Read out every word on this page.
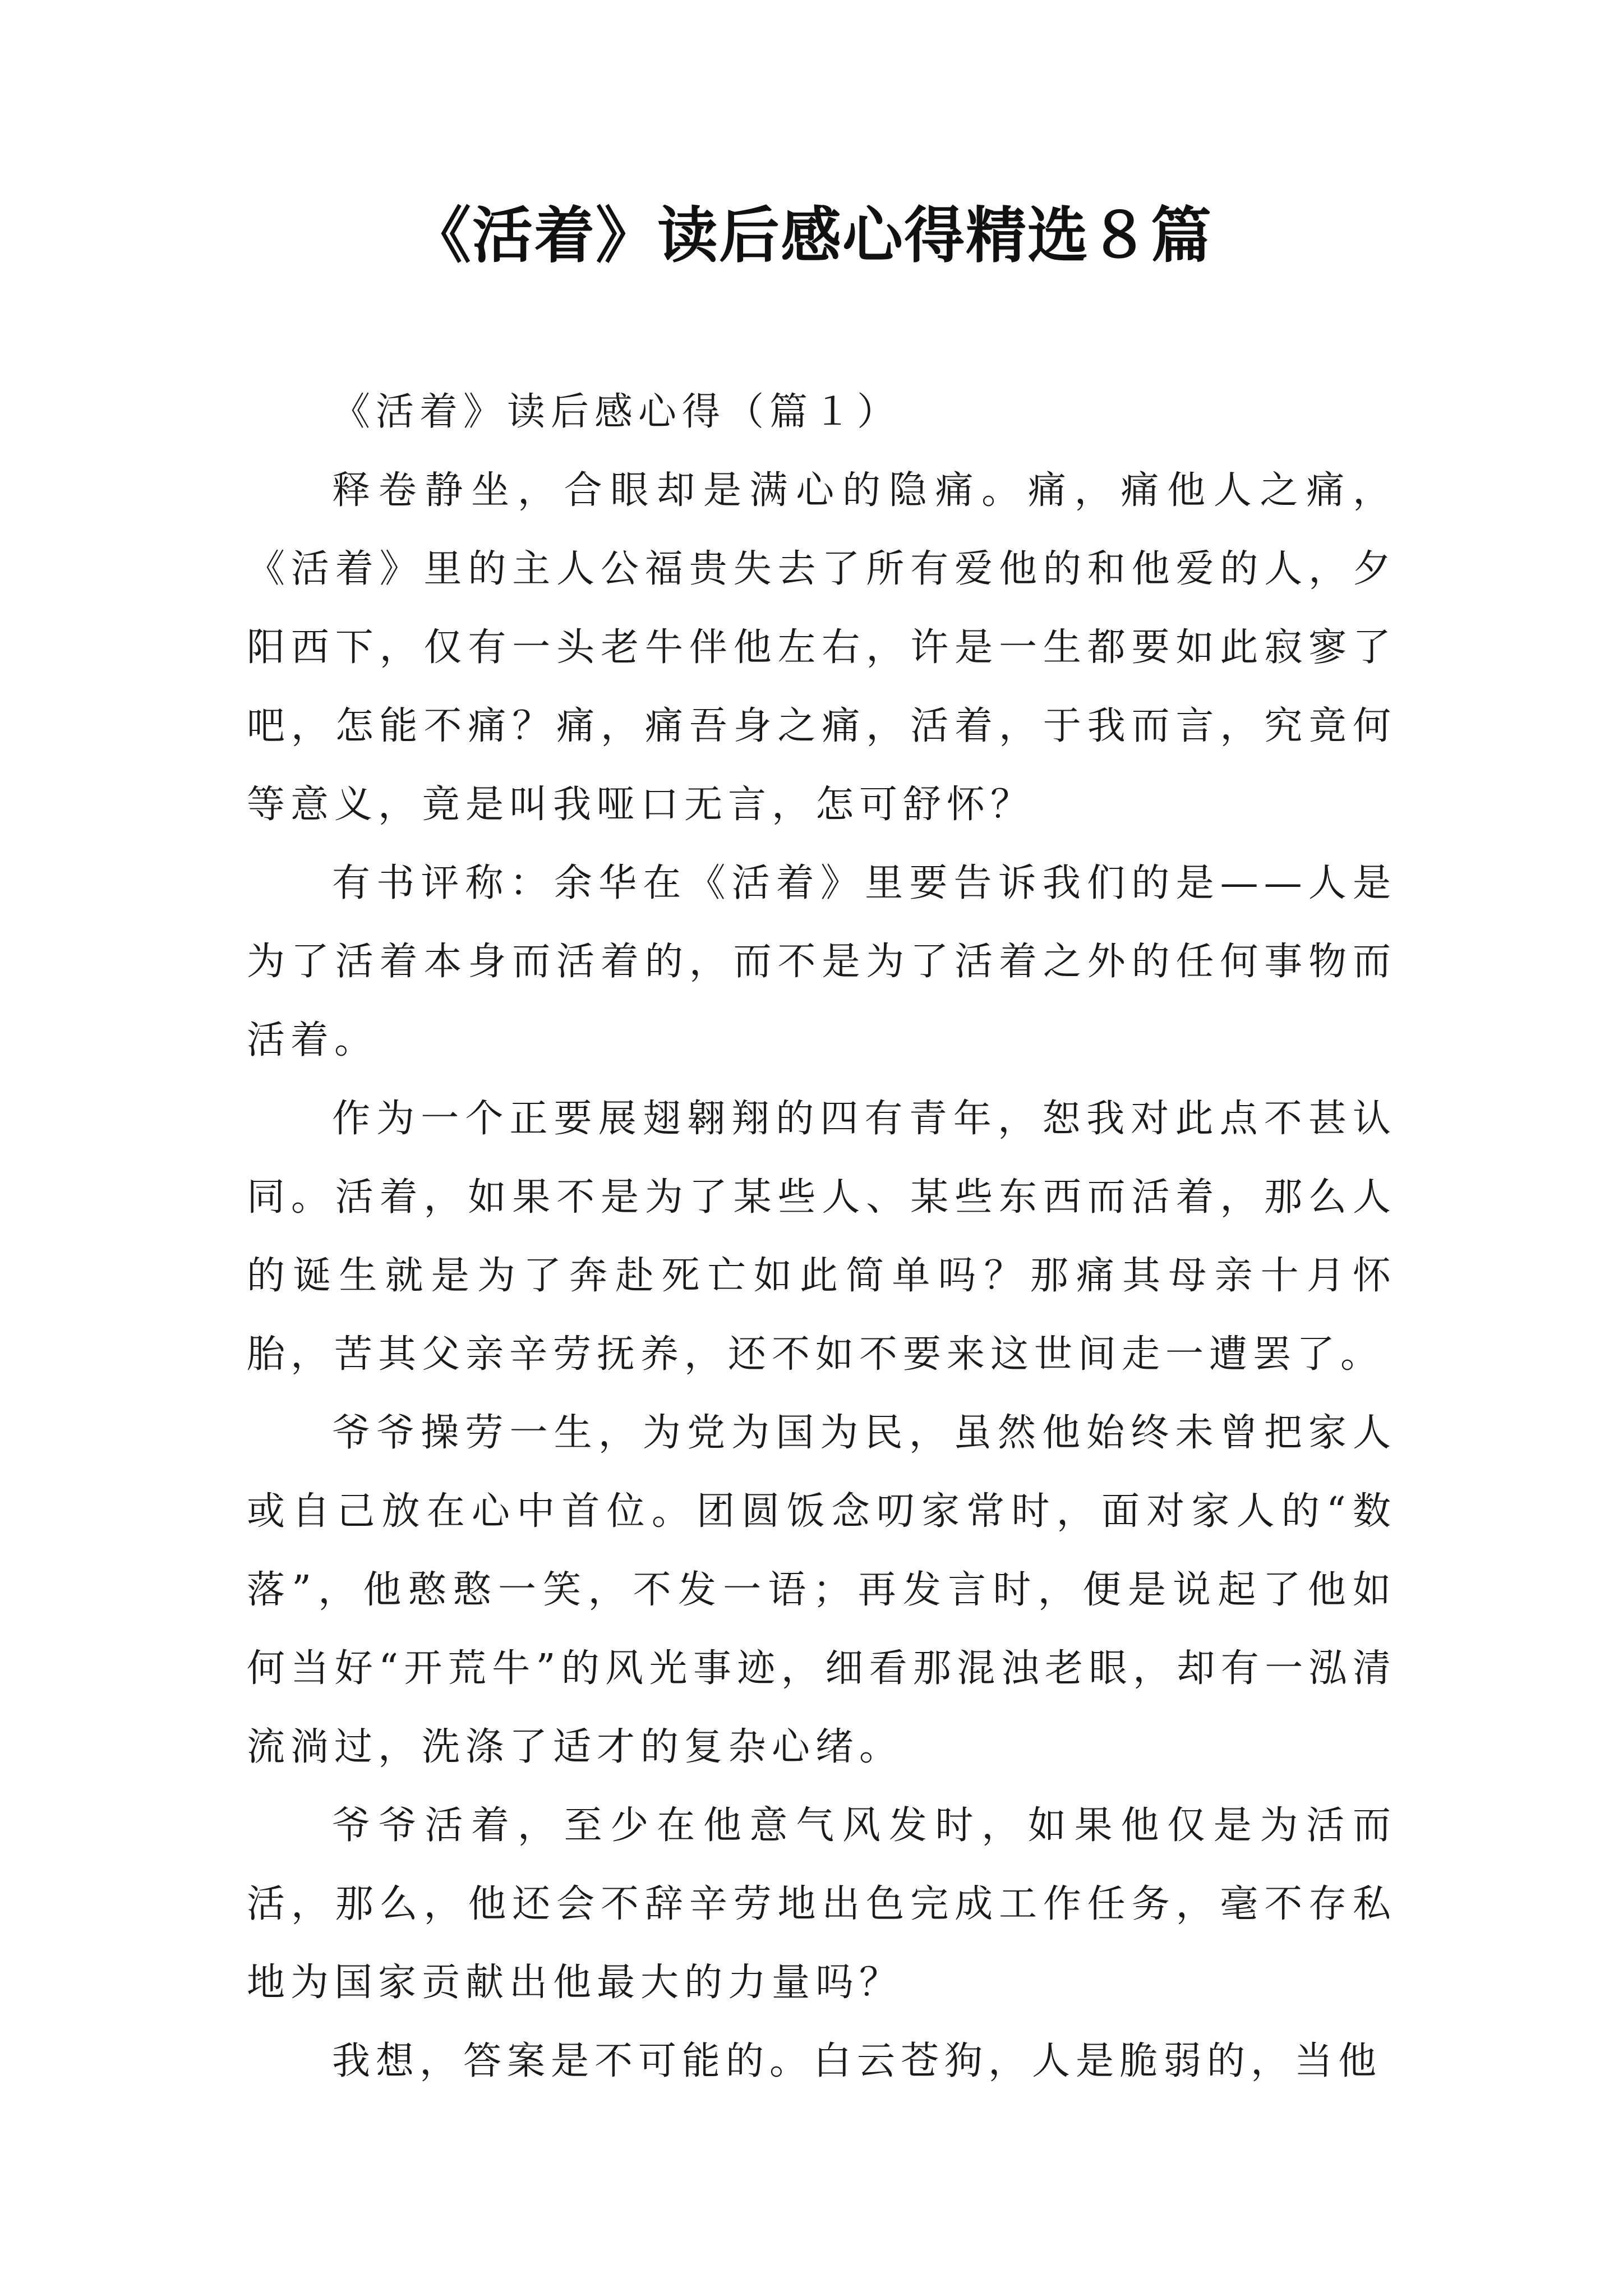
《活着》读后感心得精选８篇

《活着》读后感心得（篇１）

释卷静坐，合眼却是满心的隐痛。痛，痛他人之痛，《活着》里的主人公福贵失去了所有爱他的和他爱的人，夕阳西下，仅有一头老牛伴他左右，许是一生都要如此寂寥了吧，怎能不痛？痛，痛吾身之痛，活着，于我而言，究竟何等意义，竟是叫我哑口无言，怎可舒怀？

有书评称：余华在《活着》里要告诉我们的是——人是为了活着本身而活着的，而不是为了活着之外的任何事物而活着。

作为一个正要展翅翱翔的四有青年，恕我对此点不甚认同。活着，如果不是为了某些人、某些东西而活着，那么人的诞生就是为了奔赴死亡如此简单吗？那痛其母亲十月怀胎，苦其父亲辛劳抚养，还不如不要来这世间走一遭罢了。

爷爷操劳一生，为党为国为民，虽然他始终未曾把家人或自己放在心中首位。团圆饭念叨家常时，面对家人的“数落”，他憨憨一笑，不发一语；再发言时，便是说起了他如何当好“开荒牛”的风光事迹，细看那混浊老眼，却有一泓清流淌过，洗涤了适才的复杂心绪。

爷爷活着，至少在他意气风发时，如果他仅是为活而活，那么，他还会不辞辛劳地出色完成工作任务，毫不存私地为国家贡献出他最大的力量吗？

我想，答案是不可能的。白云苍狗，人是脆弱的，当他
